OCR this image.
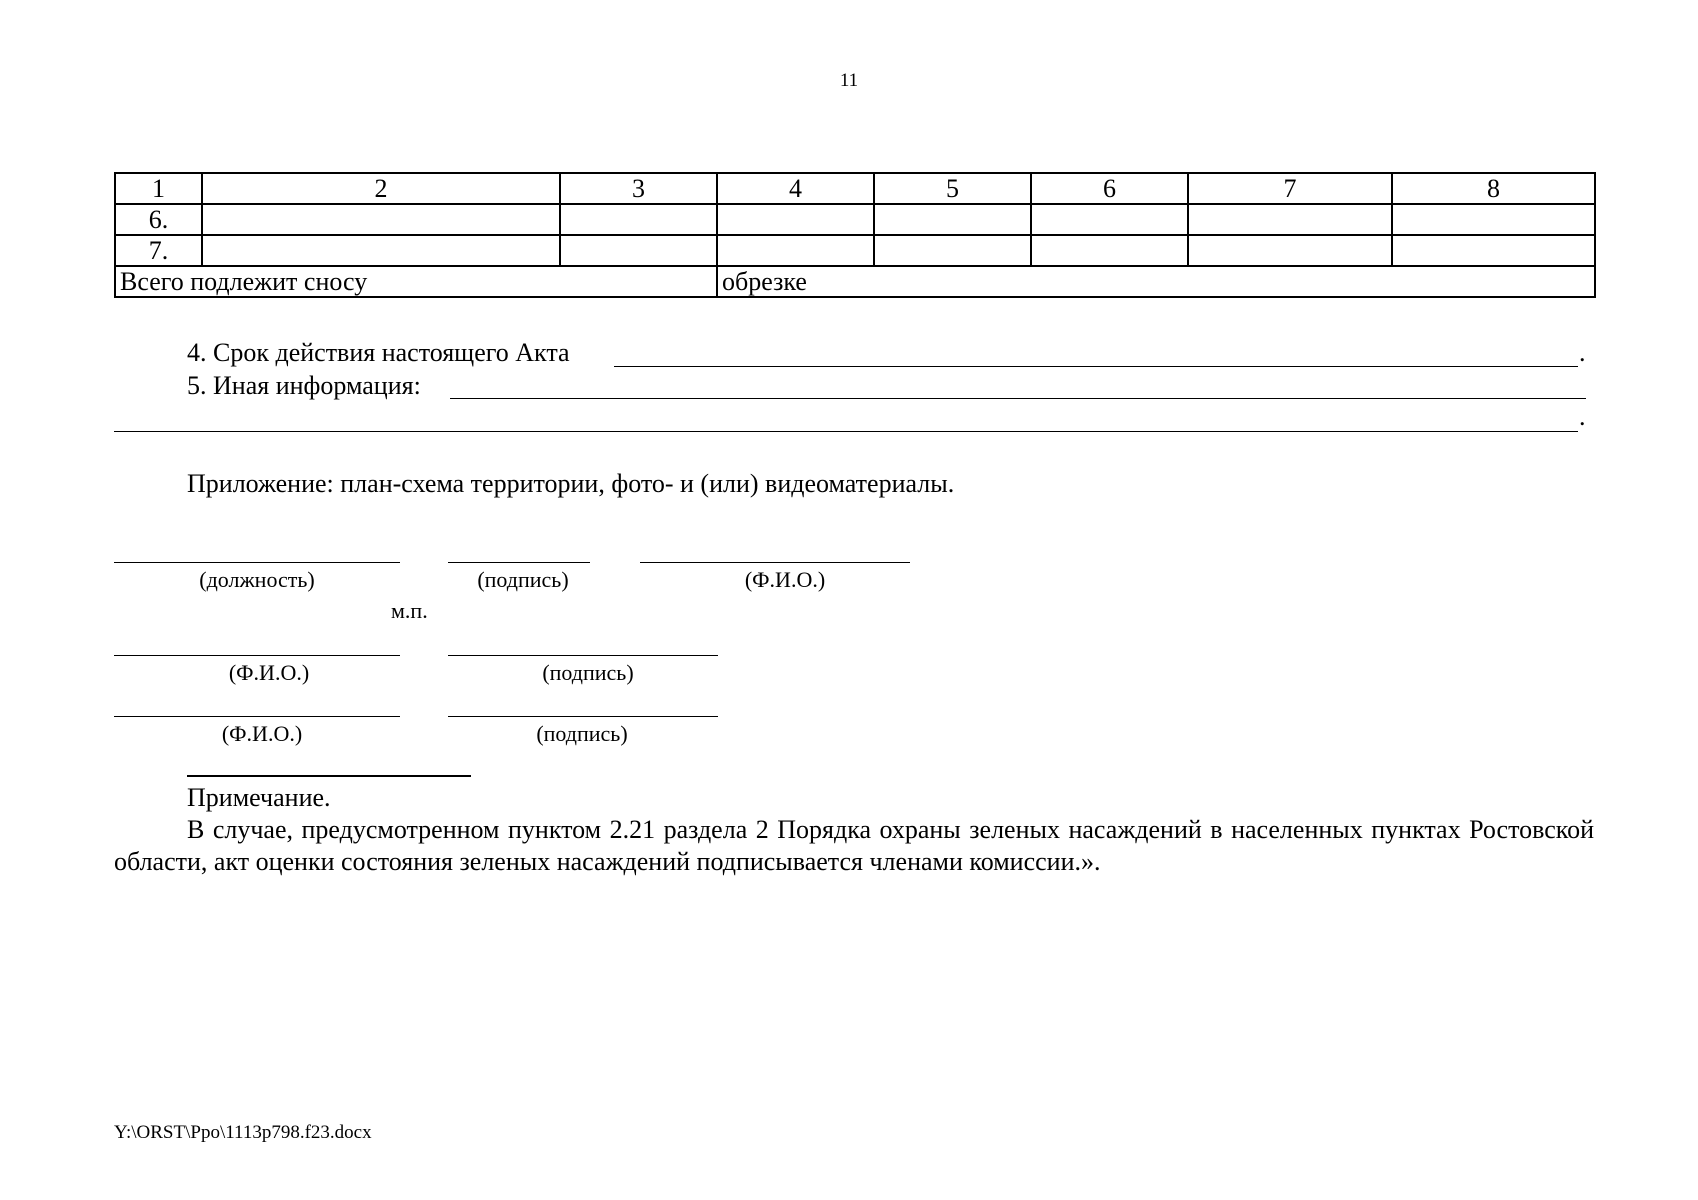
11
1	2	3	4	5	6	7	8
6.							
7.							
Всего подлежит сносу			обрезке				
4. Срок действия настоящего Акта	.
5. Иная информация:
.
Приложение: план-схема территории, фото- и (или) видеоматериалы.
(должность)	(подпись)	(Ф.И.О.)
м.п.
(Ф.И.О.)	(подпись)
(Ф.И.О.)	(подпись)
Примечание.
В случае, предусмотренном пунктом 2.21 раздела 2 Порядка охраны зеленых насаждений в населенных пунктах Ростовской области, акт оценки состояния зеленых насаждений подписывается членами комиссии.».
Y:\ORST\Ppo\1113p798.f23.docx
